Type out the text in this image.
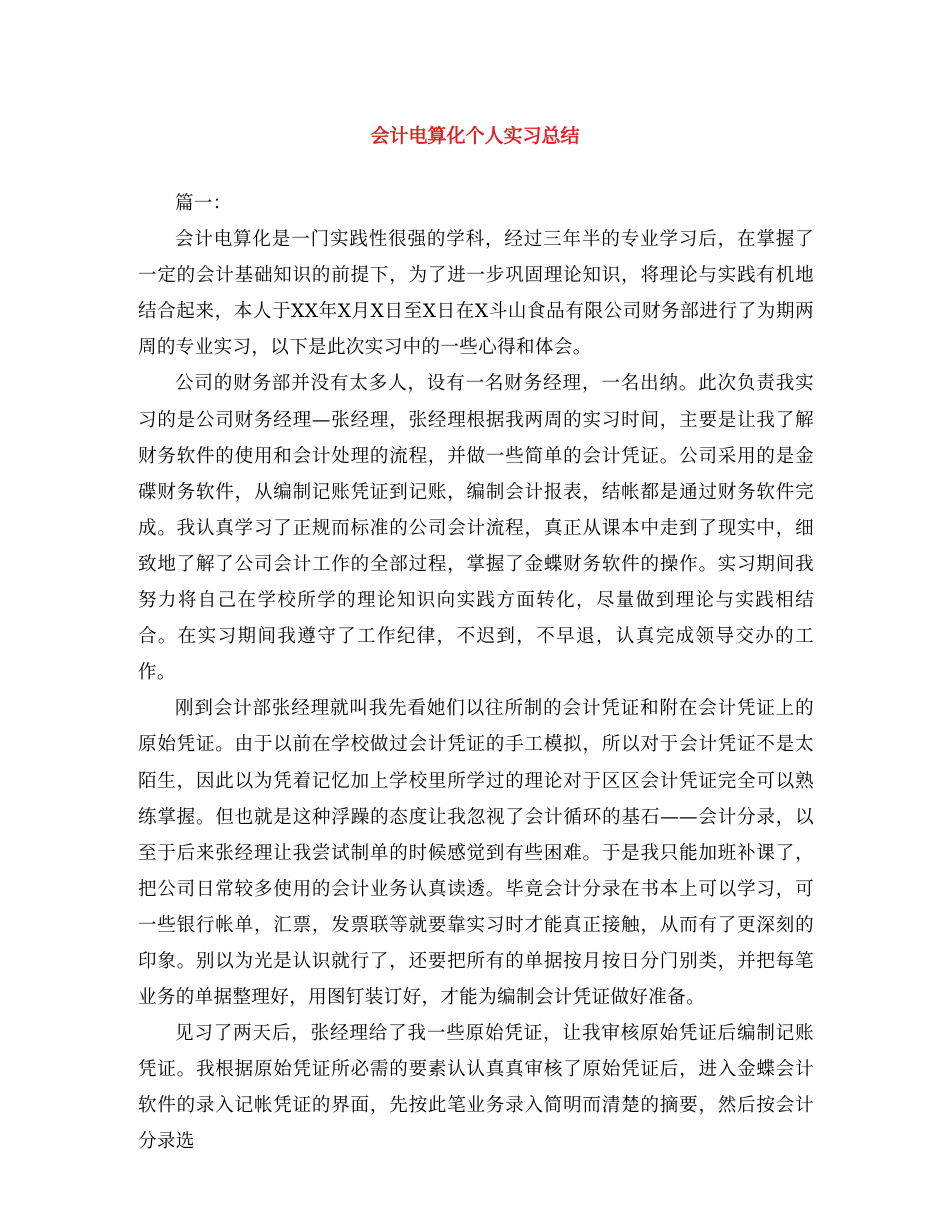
会计电算化个人实习总结

篇一：

会计电算化是一门实践性很强的学科，经过三年半的专业学习后，在掌握了一定的会计基础知识的前提下，为了进一步巩固理论知识，将理论与实践有机地结合起来，本人于XX年X月X日至X日在X斗山食品有限公司财务部进行了为期两周的专业实习，以下是此次实习中的一些心得和体会。

公司的财务部并没有太多人，设有一名财务经理，一名出纳。此次负责我实习的是公司财务经理—张经理，张经理根据我两周的实习时间，主要是让我了解财务软件的使用和会计处理的流程，并做一些简单的会计凭证。公司采用的是金碟财务软件，从编制记账凭证到记账，编制会计报表，结帐都是通过财务软件完成。我认真学习了正规而标准的公司会计流程，真正从课本中走到了现实中，细致地了解了公司会计工作的全部过程，掌握了金蝶财务软件的操作。实习期间我努力将自己在学校所学的理论知识向实践方面转化，尽量做到理论与实践相结合。在实习期间我遵守了工作纪律，不迟到，不早退，认真完成领导交办的工作。

刚到会计部张经理就叫我先看她们以往所制的会计凭证和附在会计凭证上的原始凭证。由于以前在学校做过会计凭证的手工模拟，所以对于会计凭证不是太陌生，因此以为凭着记忆加上学校里所学过的理论对于区区会计凭证完全可以熟练掌握。但也就是这种浮躁的态度让我忽视了会计循环的基石——会计分录，以至于后来张经理让我尝试制单的时候感觉到有些困难。于是我只能加班补课了，把公司日常较多使用的会计业务认真读透。毕竟会计分录在书本上可以学习，可一些银行帐单，汇票，发票联等就要靠实习时才能真正接触，从而有了更深刻的印象。别以为光是认识就行了，还要把所有的单据按月按日分门别类，并把每笔业务的单据整理好，用图钉装订好，才能为编制会计凭证做好准备。

见习了两天后，张经理给了我一些原始凭证，让我审核原始凭证后编制记账凭证。我根据原始凭证所必需的要素认认真真审核了原始凭证后，进入金蝶会计软件的录入记帐凭证的界面，先按此笔业务录入简明而清楚的摘要，然后按会计分录选
